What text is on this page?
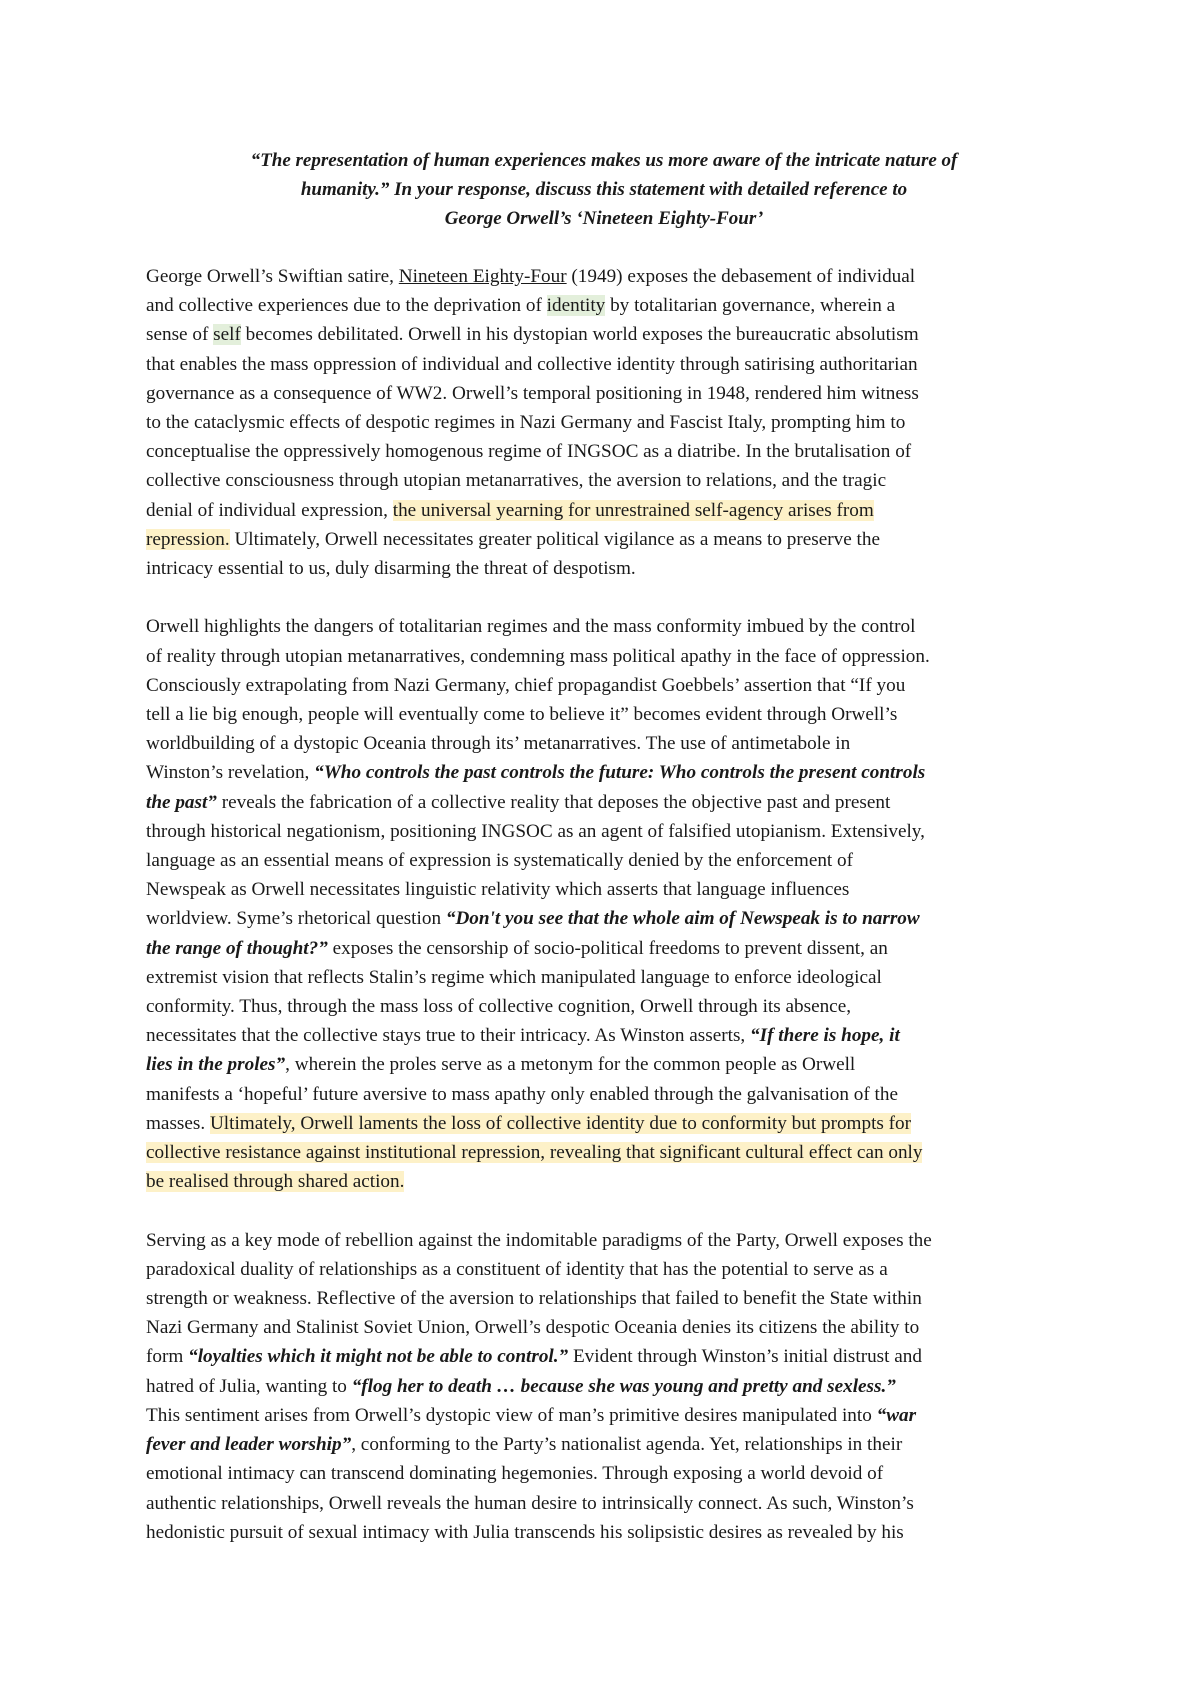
“The representation of human experiences makes us more aware of the intricate nature of
humanity.” In your response, discuss this statement with detailed reference to
George Orwell’s ‘Nineteen Eighty-Four’

George Orwell’s Swiftian satire, Nineteen Eighty-Four (1949) exposes the debasement of individual
and collective experiences due to the deprivation of identity by totalitarian governance, wherein a
sense of self becomes debilitated. Orwell in his dystopian world exposes the bureaucratic absolutism
that enables the mass oppression of individual and collective identity through satirising authoritarian
governance as a consequence of WW2. Orwell’s temporal positioning in 1948, rendered him witness
to the cataclysmic effects of despotic regimes in Nazi Germany and Fascist Italy, prompting him to
conceptualise the oppressively homogenous regime of INGSOC as a diatribe. In the brutalisation of
collective consciousness through utopian metanarratives, the aversion to relations, and the tragic
denial of individual expression, the universal yearning for unrestrained self-agency arises from
repression. Ultimately, Orwell necessitates greater political vigilance as a means to preserve the
intricacy essential to us, duly disarming the threat of despotism.

Orwell highlights the dangers of totalitarian regimes and the mass conformity imbued by the control
of reality through utopian metanarratives, condemning mass political apathy in the face of oppression.
Consciously extrapolating from Nazi Germany, chief propagandist Goebbels’ assertion that “If you
tell a lie big enough, people will eventually come to believe it” becomes evident through Orwell’s
worldbuilding of a dystopic Oceania through its’ metanarratives. The use of antimetabole in
Winston’s revelation, “Who controls the past controls the future: Who controls the present controls
the past” reveals the fabrication of a collective reality that deposes the objective past and present
through historical negationism, positioning INGSOC as an agent of falsified utopianism. Extensively,
language as an essential means of expression is systematically denied by the enforcement of
Newspeak as Orwell necessitates linguistic relativity which asserts that language influences
worldview. Syme’s rhetorical question “Don't you see that the whole aim of Newspeak is to narrow
the range of thought?” exposes the censorship of socio-political freedoms to prevent dissent, an
extremist vision that reflects Stalin’s regime which manipulated language to enforce ideological
conformity. Thus, through the mass loss of collective cognition, Orwell through its absence,
necessitates that the collective stays true to their intricacy. As Winston asserts, “If there is hope, it
lies in the proles”, wherein the proles serve as a metonym for the common people as Orwell
manifests a ‘hopeful’ future aversive to mass apathy only enabled through the galvanisation of the
masses. Ultimately, Orwell laments the loss of collective identity due to conformity but prompts for
collective resistance against institutional repression, revealing that significant cultural effect can only
be realised through shared action.

Serving as a key mode of rebellion against the indomitable paradigms of the Party, Orwell exposes the
paradoxical duality of relationships as a constituent of identity that has the potential to serve as a
strength or weakness. Reflective of the aversion to relationships that failed to benefit the State within
Nazi Germany and Stalinist Soviet Union, Orwell’s despotic Oceania denies its citizens the ability to
form “loyalties which it might not be able to control.” Evident through Winston’s initial distrust and
hatred of Julia, wanting to “flog her to death … because she was young and pretty and sexless.”
This sentiment arises from Orwell’s dystopic view of man’s primitive desires manipulated into “war
fever and leader worship”, conforming to the Party’s nationalist agenda. Yet, relationships in their
emotional intimacy can transcend dominating hegemonies. Through exposing a world devoid of
authentic relationships, Orwell reveals the human desire to intrinsically connect. As such, Winston’s
hedonistic pursuit of sexual intimacy with Julia transcends his solipsistic desires as revealed by his
